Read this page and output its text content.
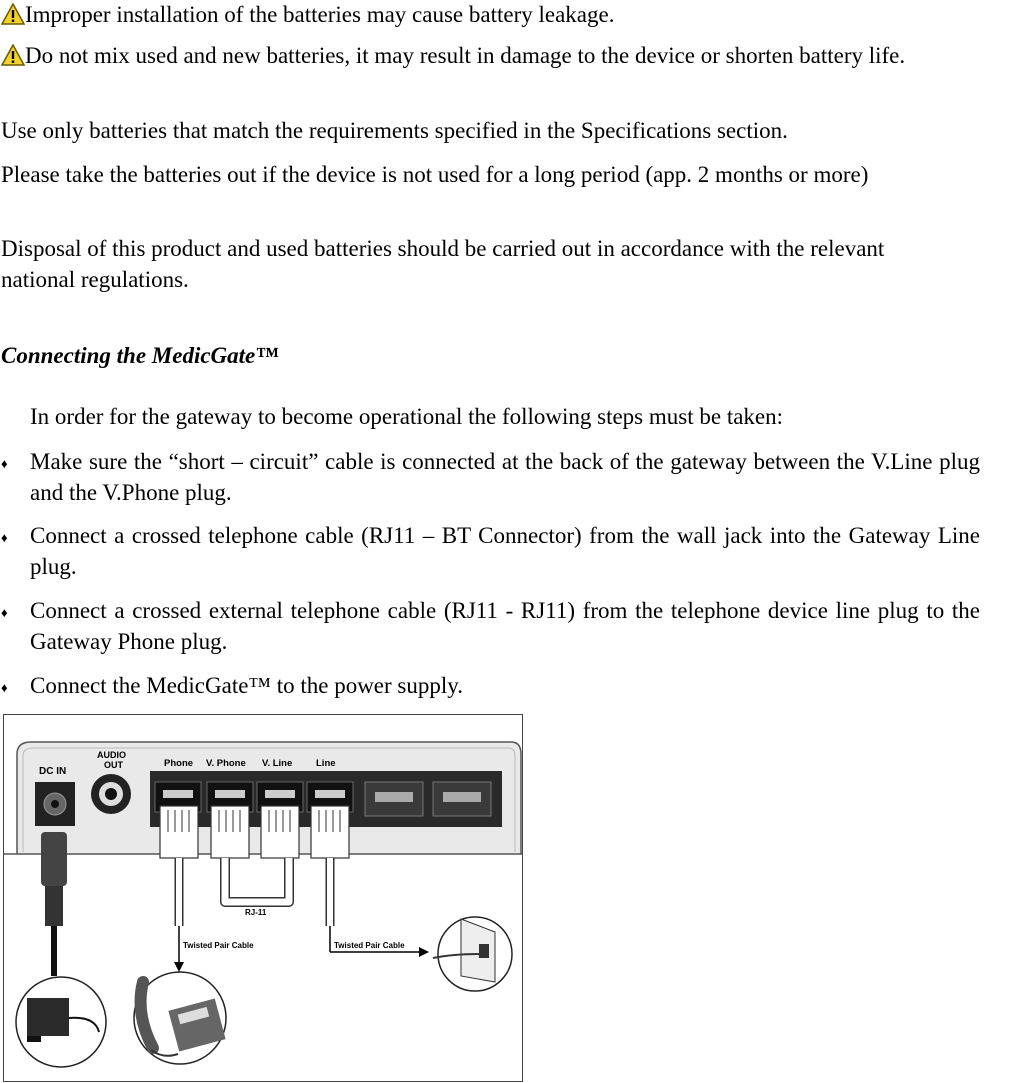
Improper installation of the batteries may cause battery leakage.

Do not mix used and new batteries, it may result in damage to the device or shorten battery life.

Use only batteries that match the requirements specified in the Specifications section.

Please take the batteries out if the device is not used for a long period (app. 2 months or more)

Disposal of this product and used batteries should be carried out in accordance with the relevant national regulations.

Connecting the MedicGate™

In order for the gateway to become operational the following steps must be taken:

♦ Make sure the “short – circuit” cable is connected at the back of the gateway between the V.Line plug and the V.Phone plug.

♦ Connect a crossed telephone cable (RJ11 – BT Connector) from the wall jack into the Gateway Line plug.

♦ Connect a crossed external telephone cable (RJ11 - RJ11) from the telephone device line plug to the Gateway Phone plug.

♦ Connect the MedicGate™ to the power supply.

DC IN
AUDIO
OUT	Phone V. Phone V. Line Line
RJ-11
Twisted Pair Cable	Twisted Pair Cable
